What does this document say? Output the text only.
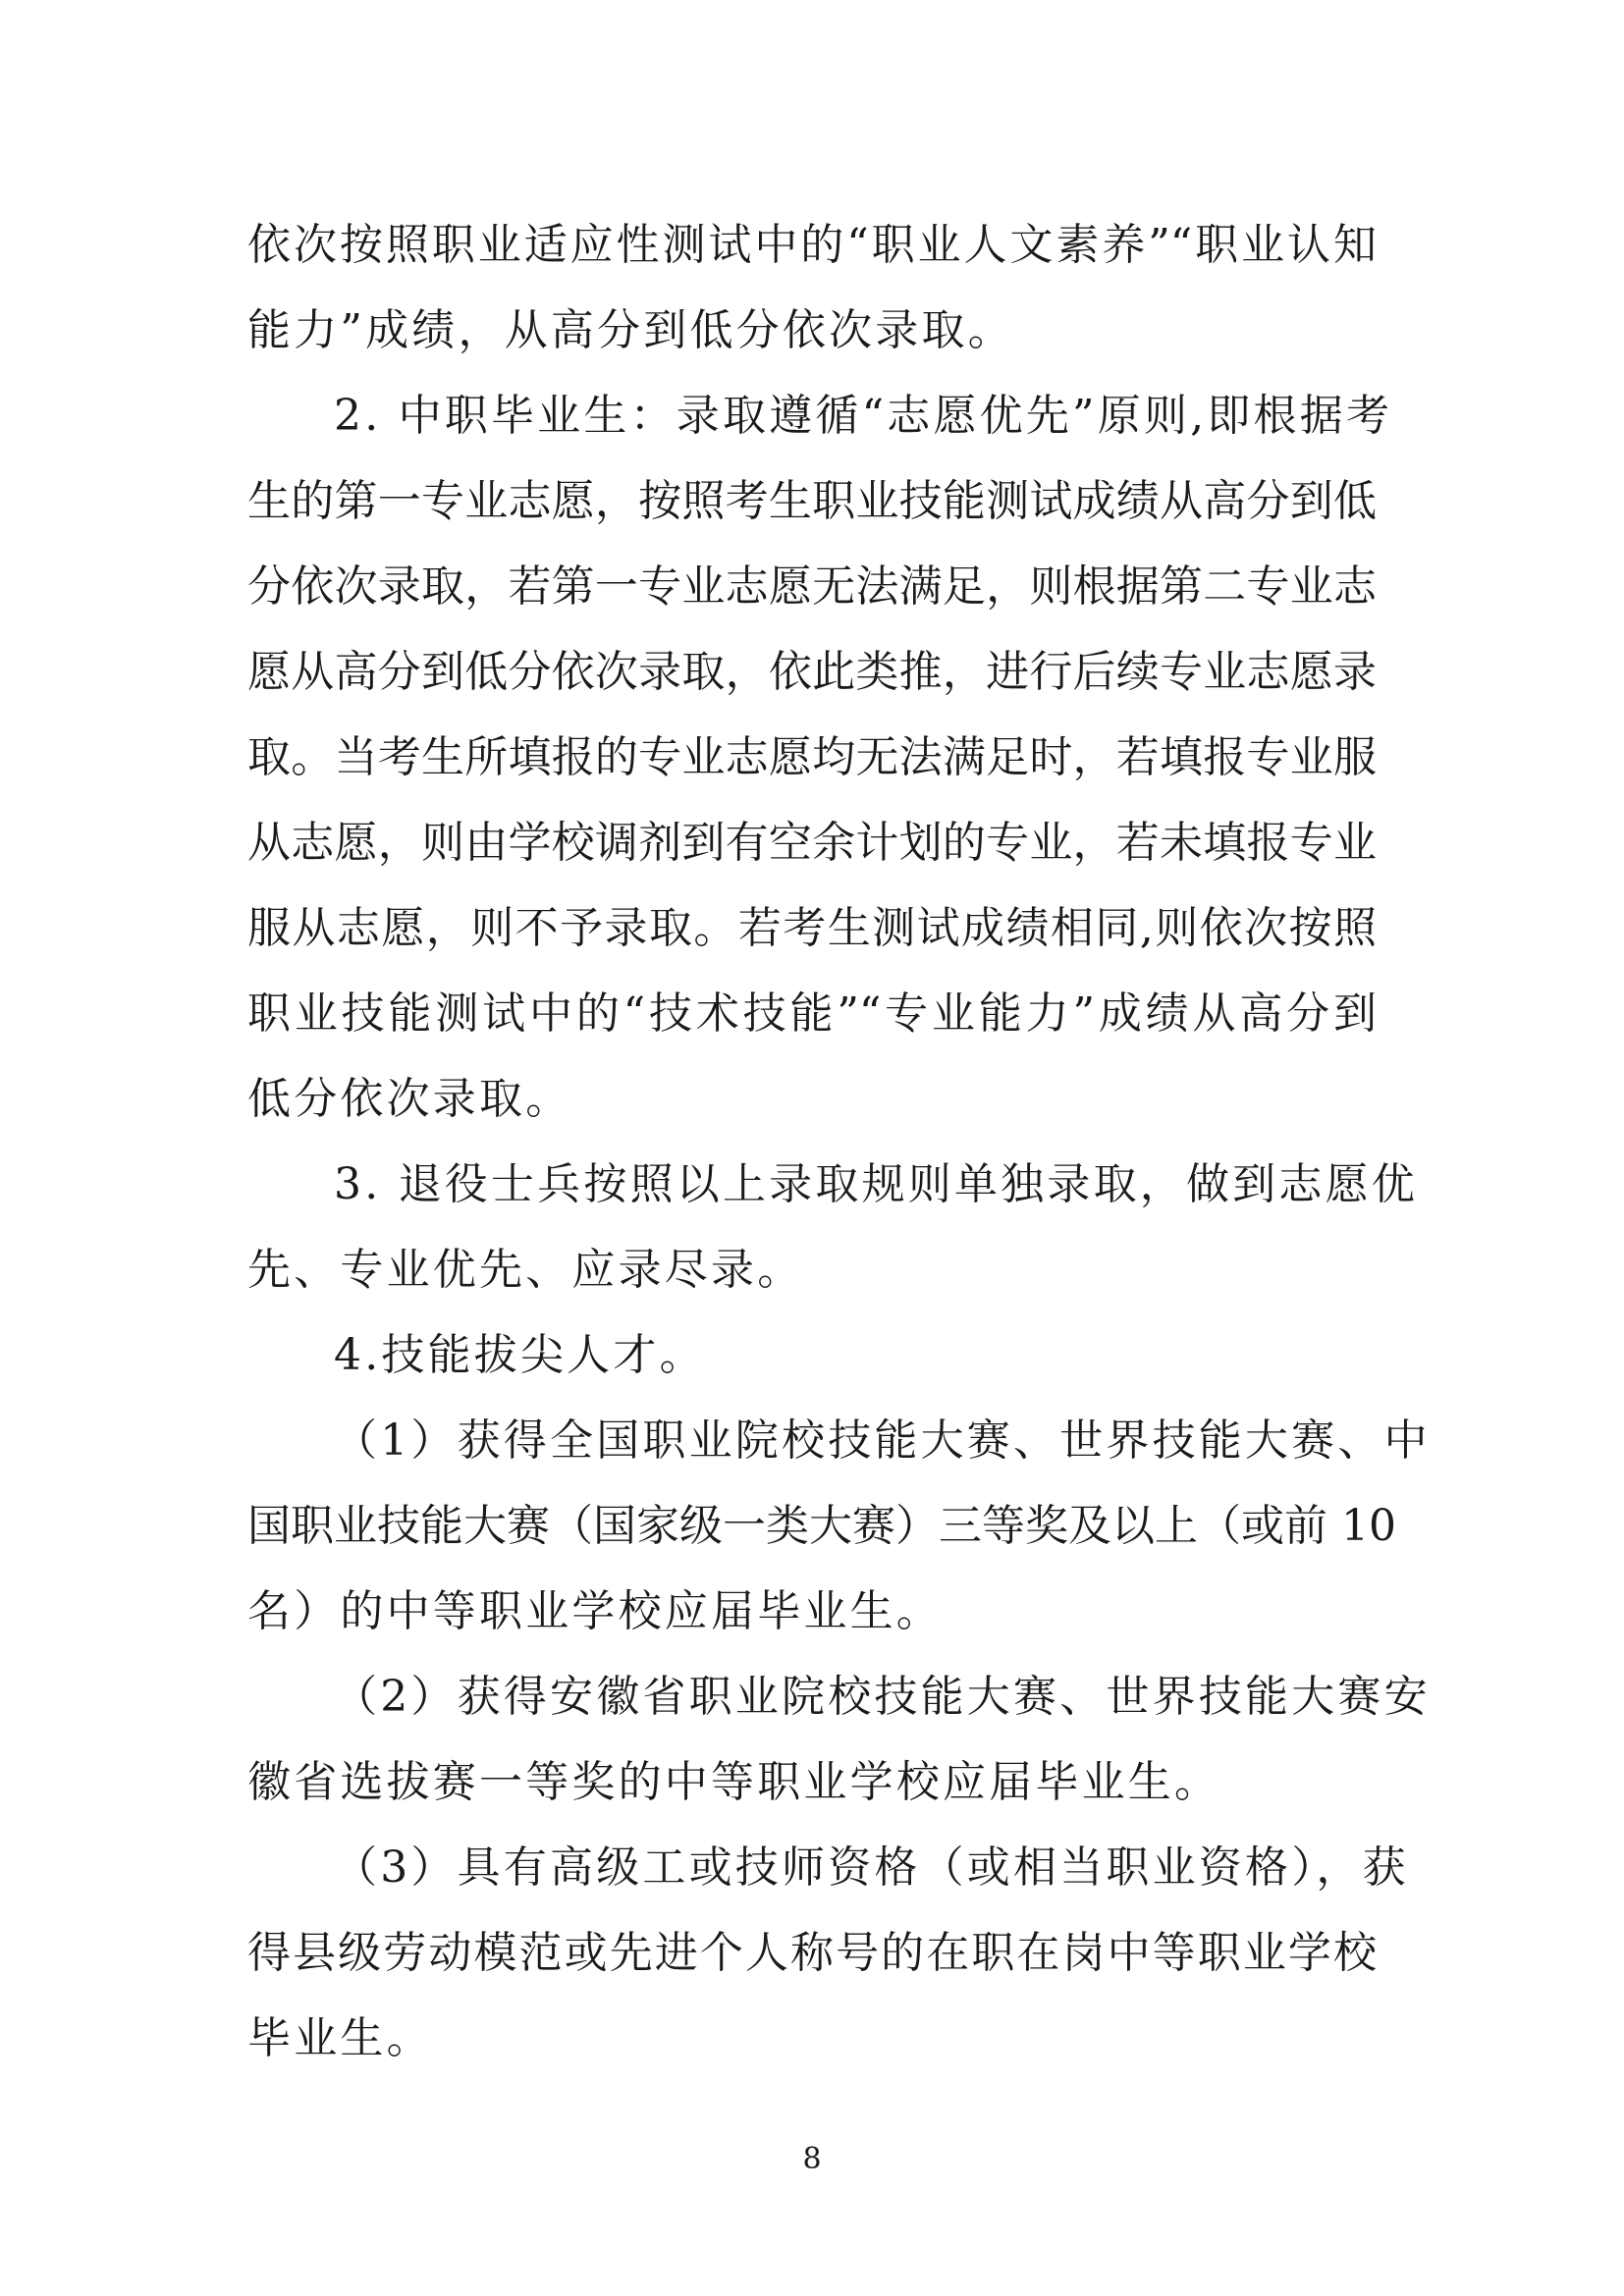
依次按照职业适应性测试中的“职业人文素养”“职业认知
能力”成绩，从高分到低分依次录取。
2. 中职毕业生：录取遵循“志愿优先”原则,即根据考
生的第一专业志愿，按照考生职业技能测试成绩从高分到低
分依次录取，若第一专业志愿无法满足，则根据第二专业志
愿从高分到低分依次录取，依此类推，进行后续专业志愿录
取。当考生所填报的专业志愿均无法满足时，若填报专业服
从志愿，则由学校调剂到有空余计划的专业，若未填报专业
服从志愿，则不予录取。若考生测试成绩相同,则依次按照
职业技能测试中的“技术技能”“专业能力”成绩从高分到
低分依次录取。
3. 退役士兵按照以上录取规则单独录取，做到志愿优
先、专业优先、应录尽录。
4.技能拔尖人才。
（1）获得全国职业院校技能大赛、世界技能大赛、中
国职业技能大赛（国家级一类大赛）三等奖及以上（或前 10
名）的中等职业学校应届毕业生。
（2）获得安徽省职业院校技能大赛、世界技能大赛安
徽省选拔赛一等奖的中等职业学校应届毕业生。
（3）具有高级工或技师资格（或相当职业资格），获
得县级劳动模范或先进个人称号的在职在岗中等职业学校
毕业生。
8
